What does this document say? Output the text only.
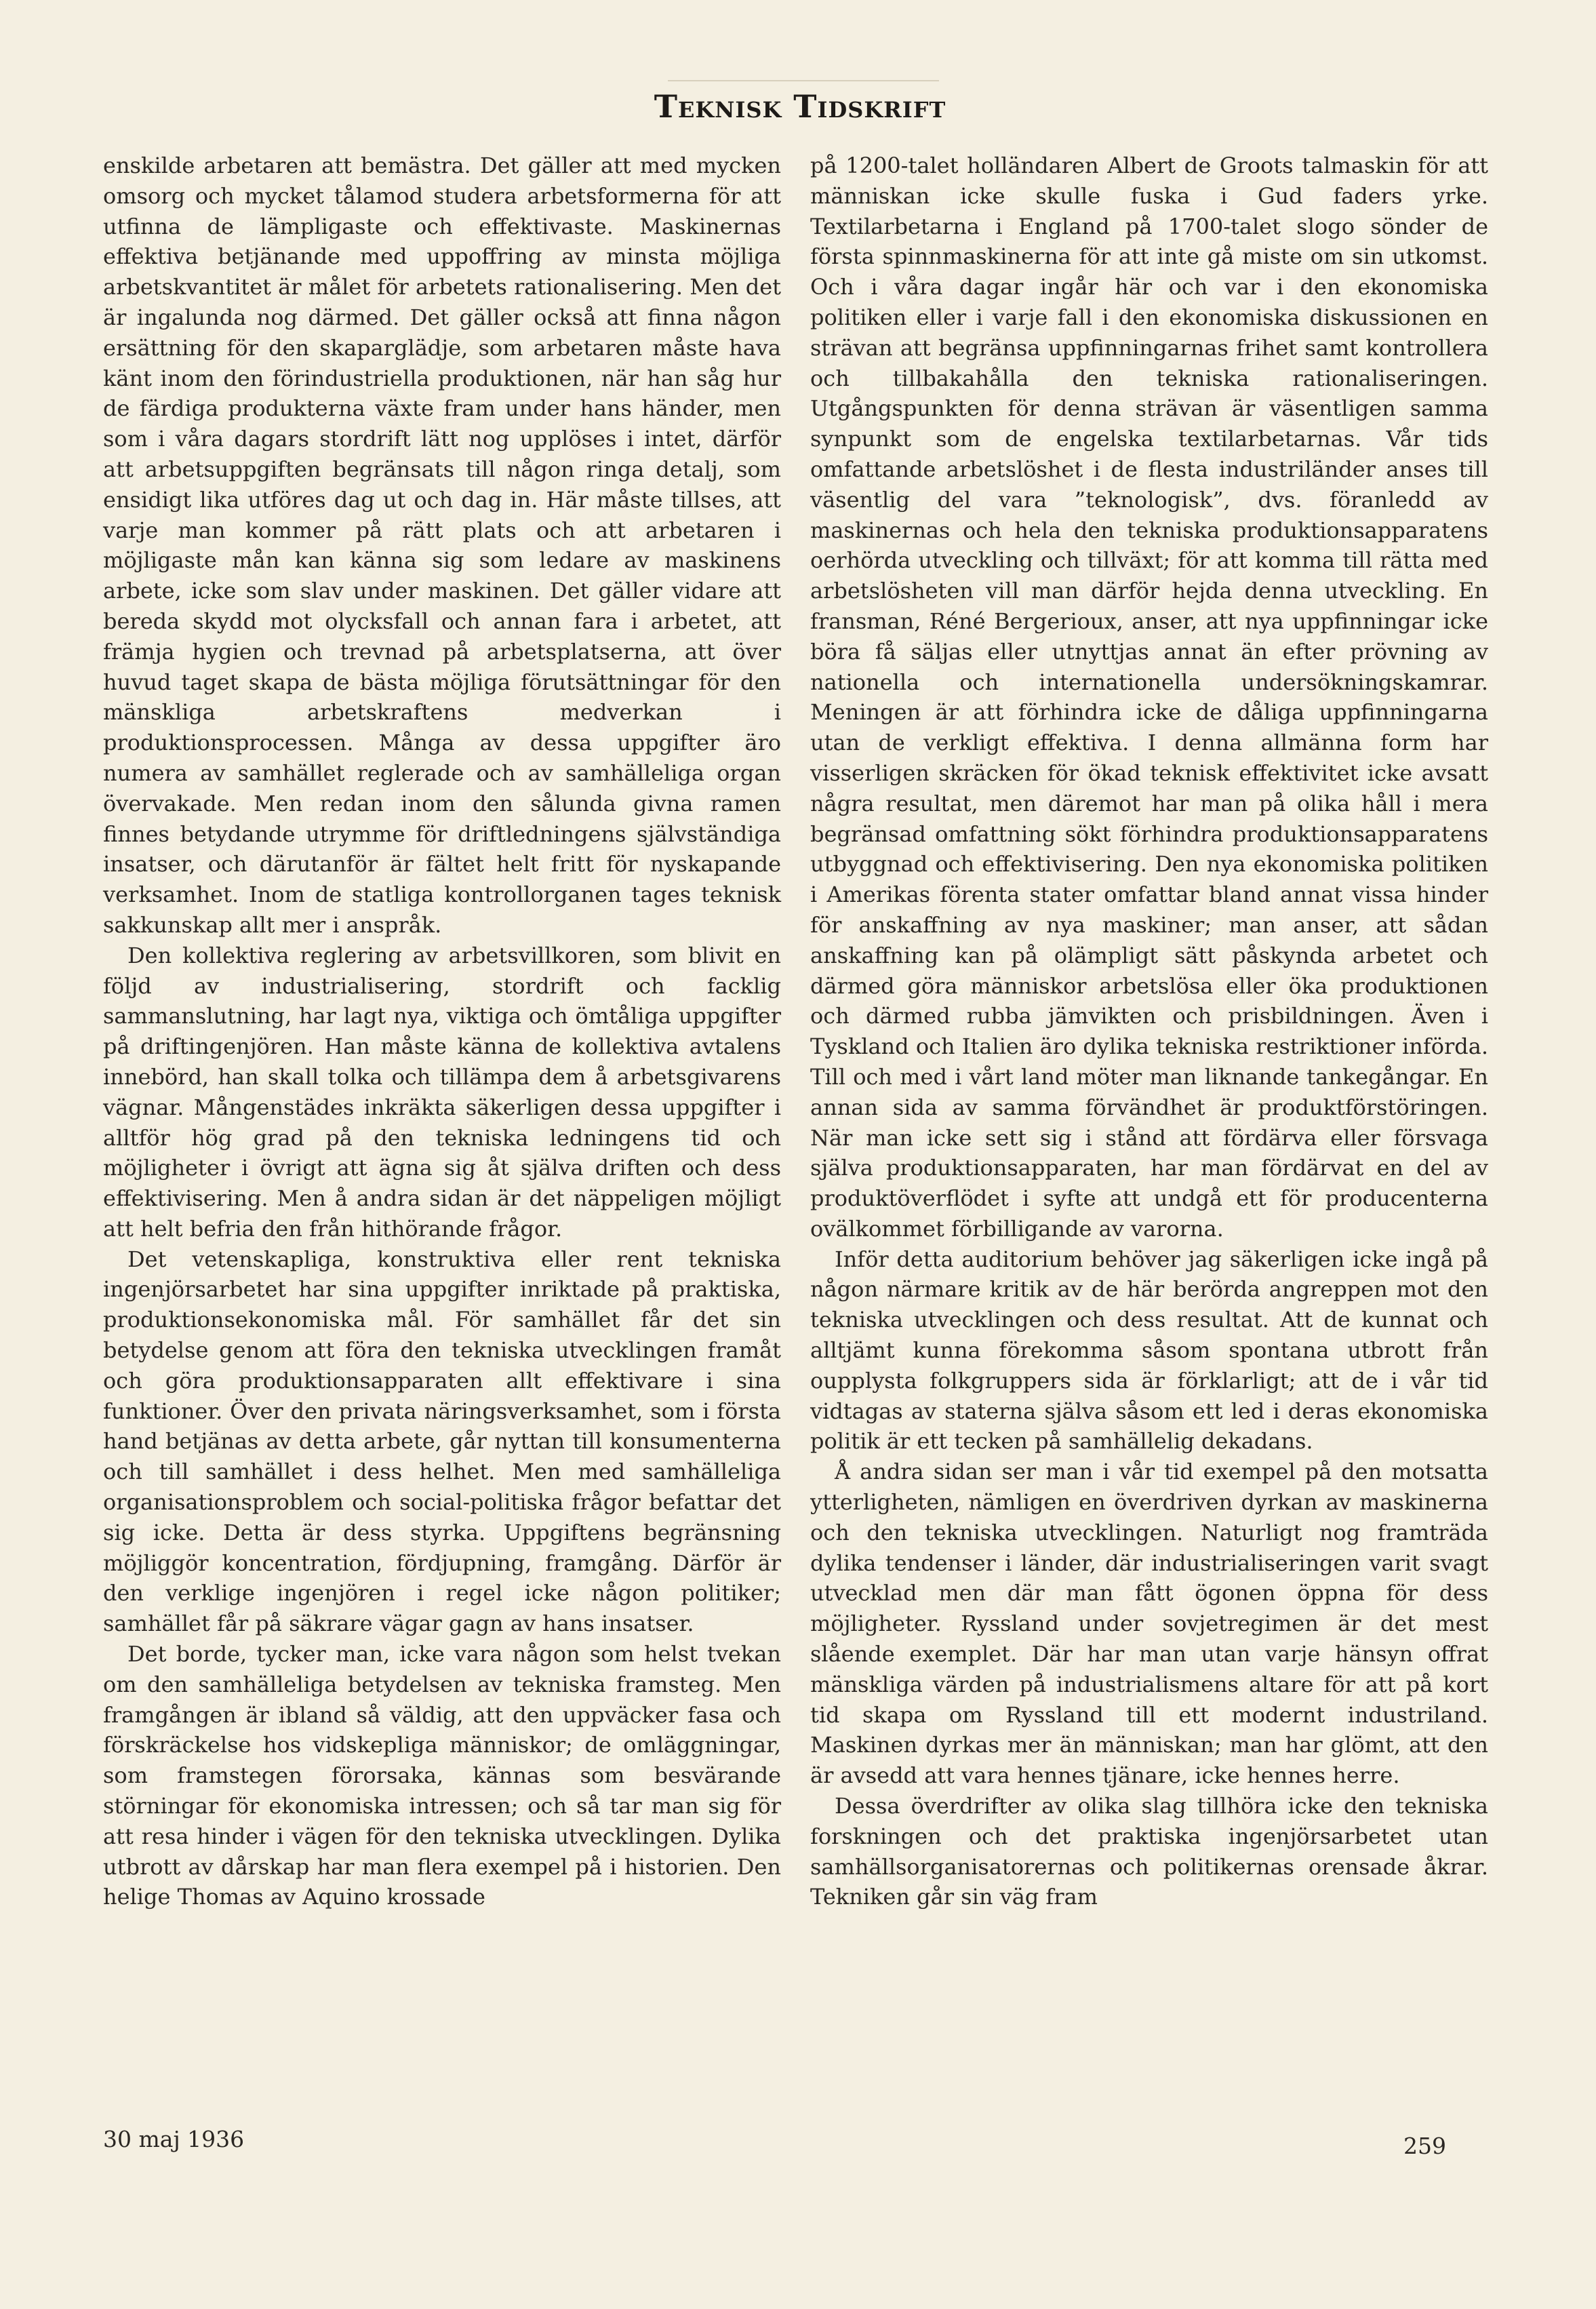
Teknisk Tidskrift

enskilde arbetaren att bemästra. Det gäller att med mycken omsorg och mycket tålamod studera arbetsformerna för att utfinna de lämpligaste och effektivaste. Maskinernas effektiva betjänande med uppoffring av minsta möjliga arbetskvantitet är målet för arbetets rationalisering. Men det är ingalunda nog därmed. Det gäller också att finna någon ersättning för den skaparglädje, som arbetaren måste hava känt inom den förindustriella produktionen, när han såg hur de färdiga produkterna växte fram under hans händer, men som i våra dagars stordrift lätt nog upplöses i intet, därför att arbetsuppgiften begränsats till någon ringa detalj, som ensidigt lika utföres dag ut och dag in. Här måste tillses, att varje man kommer på rätt plats och att arbetaren i möjligaste mån kan känna sig som ledare av maskinens arbete, icke som slav under maskinen. Det gäller vidare att bereda skydd mot olycksfall och annan fara i arbetet, att främja hygien och trevnad på arbetsplatserna, att över huvud taget skapa de bästa möjliga förutsättningar för den mänskliga arbetskraftens medverkan i produktionsprocessen. Många av dessa uppgifter äro numera av samhället reglerade och av samhälleliga organ övervakade. Men redan inom den sålunda givna ramen finnes betydande utrymme för driftledningens självständiga insatser, och därutanför är fältet helt fritt för nyskapande verksamhet. Inom de statliga kontrollorganen tages teknisk sakkunskap allt mer i anspråk.

Den kollektiva reglering av arbetsvillkoren, som blivit en följd av industrialisering, stordrift och facklig sammanslutning, har lagt nya, viktiga och ömtåliga uppgifter på driftingenjören. Han måste känna de kollektiva avtalens innebörd, han skall tolka och tillämpa dem å arbetsgivarens vägnar. Mångenstädes inkräkta säkerligen dessa uppgifter i alltför hög grad på den tekniska ledningens tid och möjligheter i övrigt att ägna sig åt själva driften och dess effektivisering. Men å andra sidan är det näppeligen möjligt att helt befria den från hithörande frågor.

Det vetenskapliga, konstruktiva eller rent tekniska ingenjörsarbetet har sina uppgifter inriktade på praktiska, produktionsekonomiska mål. För samhället får det sin betydelse genom att föra den tekniska utvecklingen framåt och göra produktionsapparaten allt effektivare i sina funktioner. Över den privata näringsverksamhet, som i första hand betjänas av detta arbete, går nyttan till konsumenterna och till samhället i dess helhet. Men med samhälleliga organisationsproblem och social-politiska frågor befattar det sig icke. Detta är dess styrka. Uppgiftens begränsning möjliggör koncentration, fördjupning, framgång. Därför är den verklige ingenjören i regel icke någon politiker; samhället får på säkrare vägar gagn av hans insatser.

Det borde, tycker man, icke vara någon som helst tvekan om den samhälleliga betydelsen av tekniska framsteg. Men framgången är ibland så väldig, att den uppväcker fasa och förskräckelse hos vidskepliga människor; de omläggningar, som framstegen förorsaka, kännas som besvärande störningar för ekonomiska intressen; och så tar man sig för att resa hinder i vägen för den tekniska utvecklingen. Dylika utbrott av dårskap har man flera exempel på i historien. Den helige Thomas av Aquino krossade

på 1200-talet holländaren Albert de Groots talmaskin för att människan icke skulle fuska i Gud faders yrke. Textilarbetarna i England på 1700-talet slogo sönder de första spinnmaskinerna för att inte gå miste om sin utkomst. Och i våra dagar ingår här och var i den ekonomiska politiken eller i varje fall i den ekonomiska diskussionen en strävan att begränsa uppfinningarnas frihet samt kontrollera och tillbakahålla den tekniska rationaliseringen. Utgångspunkten för denna strävan är väsentligen samma synpunkt som de engelska textilarbetarnas. Vår tids omfattande arbetslöshet i de flesta industriländer anses till väsentlig del vara ”teknologisk”, dvs. föranledd av maskinernas och hela den tekniska produktionsapparatens oerhörda utveckling och tillväxt; för att komma till rätta med arbetslösheten vill man därför hejda denna utveckling. En fransman, Réné Bergerioux, anser, att nya uppfinningar icke böra få säljas eller utnyttjas annat än efter prövning av nationella och internationella undersökningskamrar. Meningen är att förhindra icke de dåliga uppfinningarna utan de verkligt effektiva. I denna allmänna form har visserligen skräcken för ökad teknisk effektivitet icke avsatt några resultat, men däremot har man på olika håll i mera begränsad omfattning sökt förhindra produktionsapparatens utbyggnad och effektivisering. Den nya ekonomiska politiken i Amerikas förenta stater omfattar bland annat vissa hinder för anskaffning av nya maskiner; man anser, att sådan anskaffning kan på olämpligt sätt påskynda arbetet och därmed göra människor arbetslösa eller öka produktionen och därmed rubba jämvikten och prisbildningen. Även i Tyskland och Italien äro dylika tekniska restriktioner införda. Till och med i vårt land möter man liknande tankegångar. En annan sida av samma förvändhet är produktförstöringen. När man icke sett sig i stånd att fördärva eller försvaga själva produktionsapparaten, har man fördärvat en del av produktöverflödet i syfte att undgå ett för producenterna ovälkommet förbilligande av varorna.

Inför detta auditorium behöver jag säkerligen icke ingå på någon närmare kritik av de här berörda angreppen mot den tekniska utvecklingen och dess resultat. Att de kunnat och alltjämt kunna förekomma såsom spontana utbrott från oupplysta folkgruppers sida är förklarligt; att de i vår tid vidtagas av staterna själva såsom ett led i deras ekonomiska politik är ett tecken på samhällelig dekadans.

Å andra sidan ser man i vår tid exempel på den motsatta ytterligheten, nämligen en överdriven dyrkan av maskinerna och den tekniska utvecklingen. Naturligt nog framträda dylika tendenser i länder, där industrialiseringen varit svagt utvecklad men där man fått ögonen öppna för dess möjligheter. Ryssland under sovjetregimen är det mest slående exemplet. Där har man utan varje hänsyn offrat mänskliga värden på industrialismens altare för att på kort tid skapa om Ryssland till ett modernt industriland. Maskinen dyrkas mer än människan; man har glömt, att den är avsedd att vara hennes tjänare, icke hennes herre.

Dessa överdrifter av olika slag tillhöra icke den tekniska forskningen och det praktiska ingenjörsarbetet utan samhällsorganisatorernas och politikernas orensade åkrar. Tekniken går sin väg fram

30 maj 1936	259
